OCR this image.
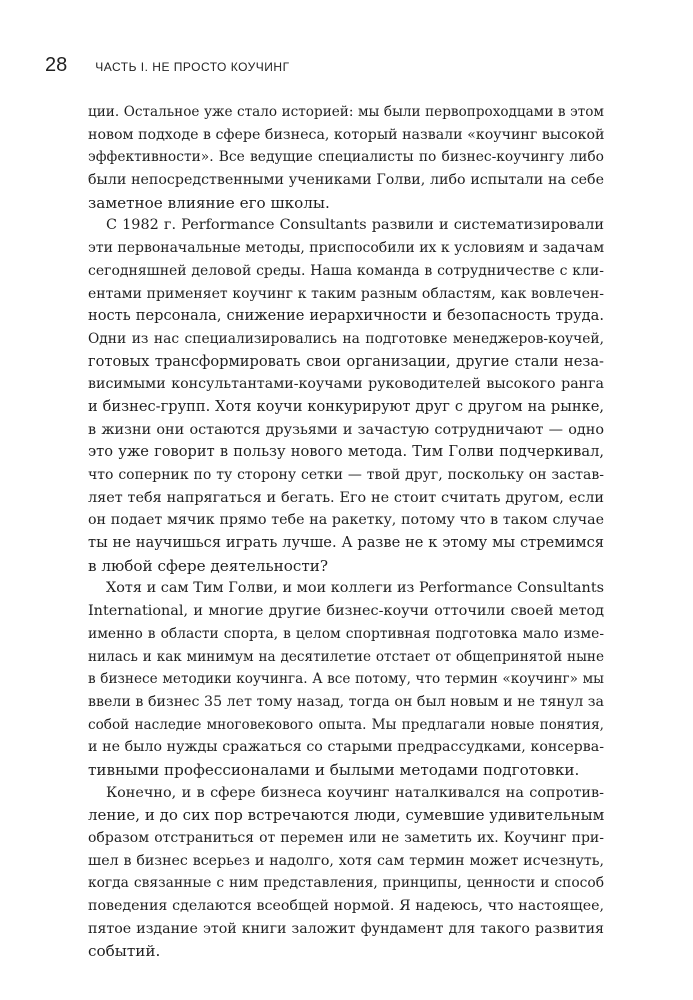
28 ЧАСТЬ I. НЕ ПРОСТО КОУЧИНГ

ции. Остальное уже стало историей: мы были первопроходцами в этом
новом подходе в сфере бизнеса, который назвали «коучинг высокой
эффективности». Все ведущие специалисты по бизнес-коучингу либо
были непосредственными учениками Голви, либо испытали на себе
заметное влияние его школы.

С 1982 г. Performance Consultants развили и систематизировали
эти первоначальные методы, приспособили их к условиям и задачам
сегодняшней деловой среды. Наша команда в сотрудничестве с кли-
ентами применяет коучинг к таким разным областям, как вовлечен-
ность персонала, снижение иерархичности и безопасность труда.
Одни из нас специализировались на подготовке менеджеров-коучей,
готовых трансформировать свои организации, другие стали неза-
висимыми консультантами-коучами руководителей высокого ранга
и бизнес-групп. Хотя коучи конкурируют друг с другом на рынке,
в жизни они остаются друзьями и зачастую сотрудничают — одно
это уже говорит в пользу нового метода. Тим Голви подчеркивал,
что соперник по ту сторону сетки — твой друг, поскольку он застав-
ляет тебя напрягаться и бегать. Его не стоит считать другом, если
он подает мячик прямо тебе на ракетку, потому что в таком случае
ты не научишься играть лучше. А разве не к этому мы стремимся
в любой сфере деятельности?

Хотя и сам Тим Голви, и мои коллеги из Performance Consultants
International, и многие другие бизнес-коучи отточили своей метод
именно в области спорта, в целом спортивная подготовка мало изме-
нилась и как минимум на десятилетие отстает от общепринятой ныне
в бизнесе методики коучинга. А все потому, что термин «коучинг» мы
ввели в бизнес 35 лет тому назад, тогда он был новым и не тянул за
собой наследие многовекового опыта. Мы предлагали новые понятия,
и не было нужды сражаться со старыми предрассудками, консерва-
тивными профессионалами и былыми методами подготовки.

Конечно, и в сфере бизнеса коучинг наталкивался на сопротив-
ление, и до сих пор встречаются люди, сумевшие удивительным
образом отстраниться от перемен или не заметить их. Коучинг при-
шел в бизнес всерьез и надолго, хотя сам термин может исчезнуть,
когда связанные с ним представления, принципы, ценности и способ
поведения сделаются всеобщей нормой. Я надеюсь, что настоящее,
пятое издание этой книги заложит фундамент для такого развития
событий.
